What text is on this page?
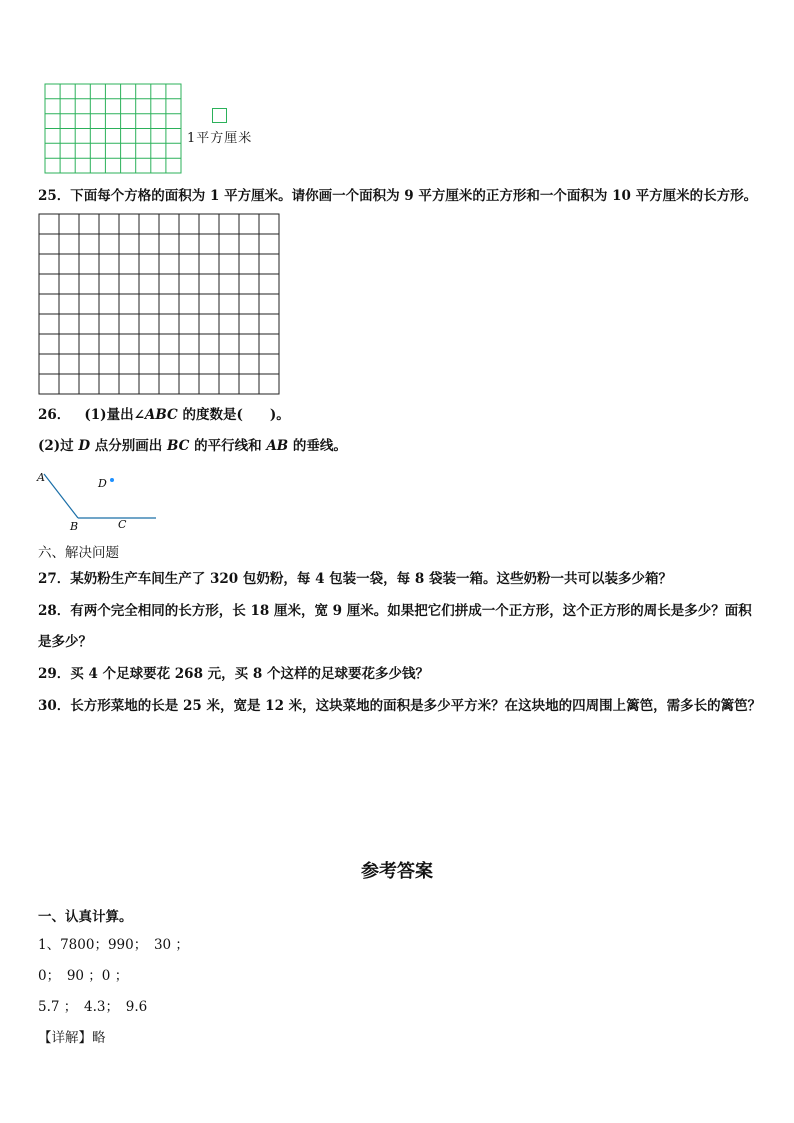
1平方厘米
25．下面每个方格的面积为 1 平方厘米。请你画一个面积为 9 平方厘米的正方形和一个面积为 10 平方厘米的长方形。
26． (1)量出∠ABC 的度数是(　　)。
(2)过 D 点分别画出 BC 的平行线和 AB 的垂线。
A
B	C
D
六、解决问题
27．某奶粉生产车间生产了 320 包奶粉，每 4 包装一袋，每 8 袋装一箱。这些奶粉一共可以装多少箱？
28．有两个完全相同的长方形，长 18 厘米，宽 9 厘米。如果把它们拼成一个正方形，这个正方形的周长是多少？面积
是多少？
29．买 4 个足球要花 268 元，买 8 个这样的足球要花多少钱？
30．长方形菜地的长是 25 米，宽是 12 米，这块菜地的面积是多少平方米？在这块地的四周围上篱笆，需多长的篱笆？
参考答案
一、认真计算。
1、7800；990；　30 ；
0；　90 ；0 ；
5.7 ；　4.3；　9.6
【详解】略
